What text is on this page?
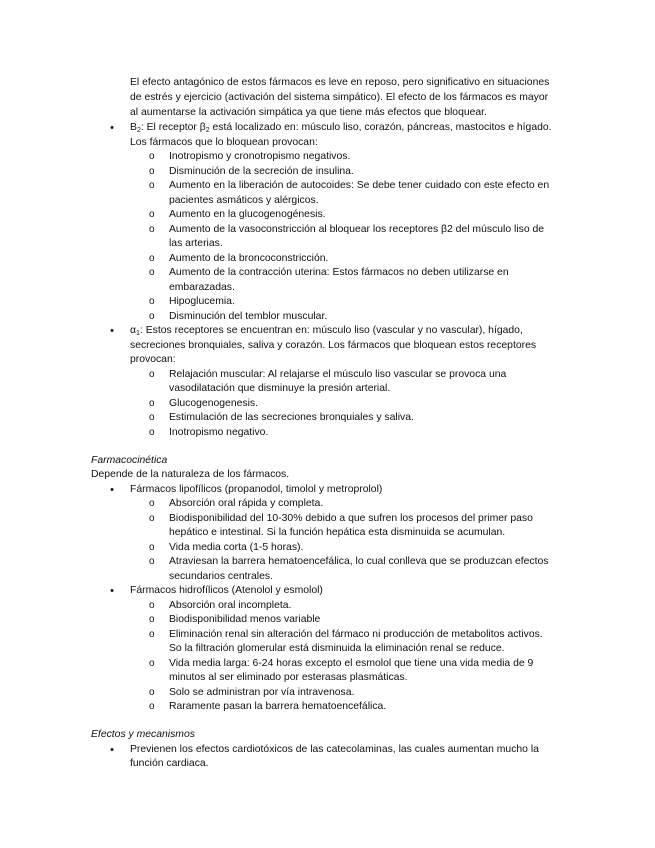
El efecto antagónico de estos fármacos es leve en reposo, pero significativo en situaciones
de estrés y ejercicio (activación del sistema simpático). El efecto de los fármacos es mayor
al aumentarse la activación simpática ya que tiene más efectos que bloquear.
• $B_2$: El receptor $\beta_2$ está localizado en: músculo liso, corazón, páncreas, mastocitos e hígado.
Los fármacos que lo bloquean provocan:
o Inotropismo y cronotropismo negativos.
o Disminución de la secreción de insulina.
o Aumento en la liberación de autocoides: Se debe tener cuidado con este efecto en
pacientes asmáticos y alérgicos.
o Aumento en la glucogenogénesis.
o Aumento de la vasoconstricción al bloquear los receptores β2 del músculo liso de
las arterias.
o Aumento de la broncoconstricción.
o Aumento de la contracción uterina: Estos fármacos no deben utilizarse en
embarazadas.
o Hipoglucemia.
o Disminución del temblor muscular.
• $\alpha_1$: Estos receptores se encuentran en: músculo liso (vascular y no vascular), hígado,
secreciones bronquiales, saliva y corazón. Los fármacos que bloquean estos receptores
provocan:
o Relajación muscular: Al relajarse el músculo liso vascular se provoca una
vasodilatación que disminuye la presión arterial.
o Glucogenogenesis.
o Estimulación de las secreciones bronquiales y saliva.
o Inotropismo negativo.
Farmacocinética
Depende de la naturaleza de los fármacos.
• Fármacos lipofílicos (propanodol, timolol y metroprolol)
o Absorción oral rápida y completa.
o Biodisponibilidad del 10-30% debido a que sufren los procesos del primer paso
hepático e intestinal. Si la función hepática esta disminuida se acumulan.
o Vida media corta (1-5 horas).
o Atraviesan la barrera hematoencefálica, lo cual conlleva que se produzcan efectos
secundarios centrales.
• Fármacos hidrofílicos (Atenolol y esmolol)
o Absorción oral incompleta.
o Biodisponibilidad menos variable
o Eliminación renal sin alteración del fármaco ni producción de metabolitos activos.
So la filtración glomerular está disminuida la eliminación renal se reduce.
o Vida media larga: 6-24 horas excepto el esmolol que tiene una vida media de 9
minutos al ser eliminado por esterasas plasmáticas.
o Solo se administran por vía intravenosa.
o Raramente pasan la barrera hematoencefálica.
Efectos y mecanismos
• Previenen los efectos cardiotóxicos de las catecolaminas, las cuales aumentan mucho la
función cardiaca.
